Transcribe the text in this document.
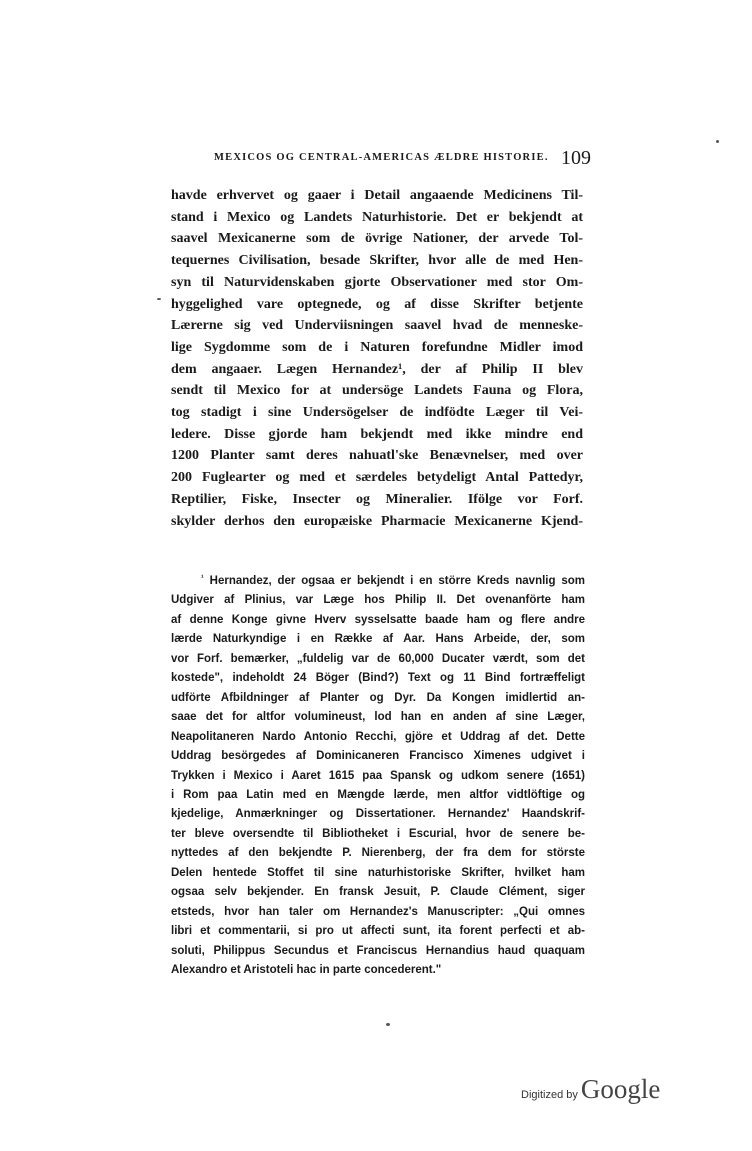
MEXICOS OG CENTRAL-AMERICAS ÆLDRE HISTORIE. 109
havde erhvervet og gaaer i Detail angaaende Medicinens Til-
stand i Mexico og Landets Naturhistorie. Det er bekjendt at
saavel Mexicanerne som de övrige Nationer, der arvede Tol-
tequernes Civilisation, besade Skrifter, hvor alle de med Hen-
syn til Naturvidenskaben gjorte Observationer med stor Om-
hyggelighed vare optegnede, og af disse Skrifter betjente
Lærerne sig ved Underviisningen saavel hvad de menneske-
lige Sygdomme som de i Naturen forefundne Midler imod
dem angaaer. Lægen Hernandez¹, der af Philip II blev
sendt til Mexico for at undersöge Landets Fauna og Flora,
tog stadigt i sine Undersögelser de indfödte Læger til Vei-
ledere. Disse gjorde ham bekjendt med ikke mindre end
1200 Planter samt deres nahuatl'ske Benævnelser, med over
200 Fuglearter og med et særdeles betydeligt Antal Pattedyr,
Reptilier, Fiske, Insecter og Mineralier. Ifölge vor Forf.
skylder derhos den europæiske Pharmacie Mexicanerne Kjend-
$^{^1}$ Hernandez, der ogsaa er bekjendt i en större Kreds navnlig som
Udgiver af Plinius, var Læge hos Philip II. Det ovenanförte ham
af denne Konge givne Hverv sysselsatte baade ham og flere andre
lærde Naturkyndige i en Række af Aar. Hans Arbeide, der, som
vor Forf. bemærker, „fuldelig var de 60,000 Ducater værdt, som det
kostede", indeholdt 24 Böger (Bind?) Text og 11 Bind fortræffeligt
udförte Afbildninger af Planter og Dyr. Da Kongen imidlertid an-
saae det for altfor volumineust, lod han en anden af sine Læger,
Neapolitaneren Nardo Antonio Recchi, gjöre et Uddrag af det. Dette
Uddrag besörgedes af Dominicaneren Francisco Ximenes udgivet i
Trykken i Mexico i Aaret 1615 paa Spansk og udkom senere (1651)
i Rom paa Latin med en Mængde lærde, men altfor vidtlöftige og
kjedelige, Anmærkninger og Dissertationer. Hernandez' Haandskrif-
ter bleve oversendte til Bibliotheket i Escurial, hvor de senere be-
nyttedes af den bekjendte P. Nierenberg, der fra dem for störste
Delen hentede Stoffet til sine naturhistoriske Skrifter, hvilket ham
ogsaa selv bekjender. En fransk Jesuit, P. Claude Clément, siger
etsteds, hvor han taler om Hernandez's Manuscripter: „Qui omnes
libri et commentarii, si pro ut affecti sunt, ita forent perfecti et ab-
soluti, Philippus Secundus et Franciscus Hernandius haud quaquam
Alexandro et Aristoteli hac in parte concederent."
Digitized by Google
